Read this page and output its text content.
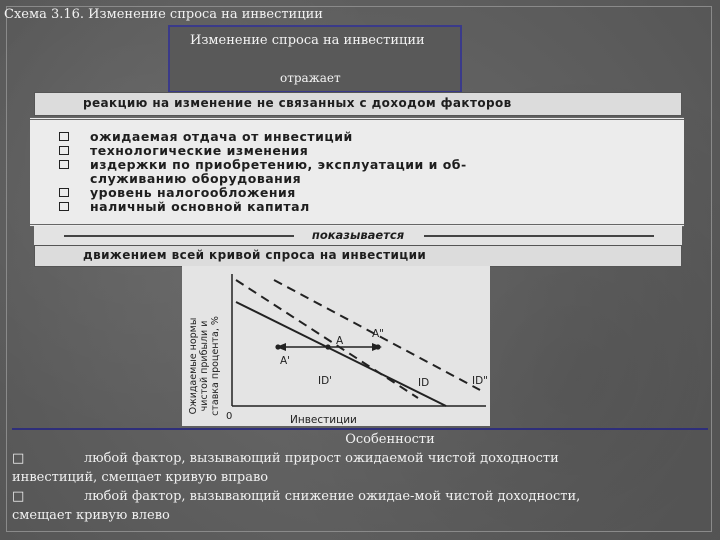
Схема 3.16. Изменение спроса на инвестиции
Изменение спроса на инвестиции
отражает
реакцию на изменение не связанных с доходом факторов
ожидаемая отдача от инвестиций
технологические изменения
издержки по приобретению, эксплуатации и об-
служиванию оборудования
уровень налогообложения
наличный основной капитал
показывается
движением всей кривой спроса на инвестиции
Ожидаемые нормычистой прибыли иставка процента, %
0	Инвестиции
A'
A
A"
ID'	ID	ID"
Особенности
□	любой фактор, вызывающий прирост ожидаемой чистой доходности
инвестиций, смещает кривую вправо
□	любой фактор, вызывающий снижение ожидае-мой чистой доходности,
смещает кривую влево
